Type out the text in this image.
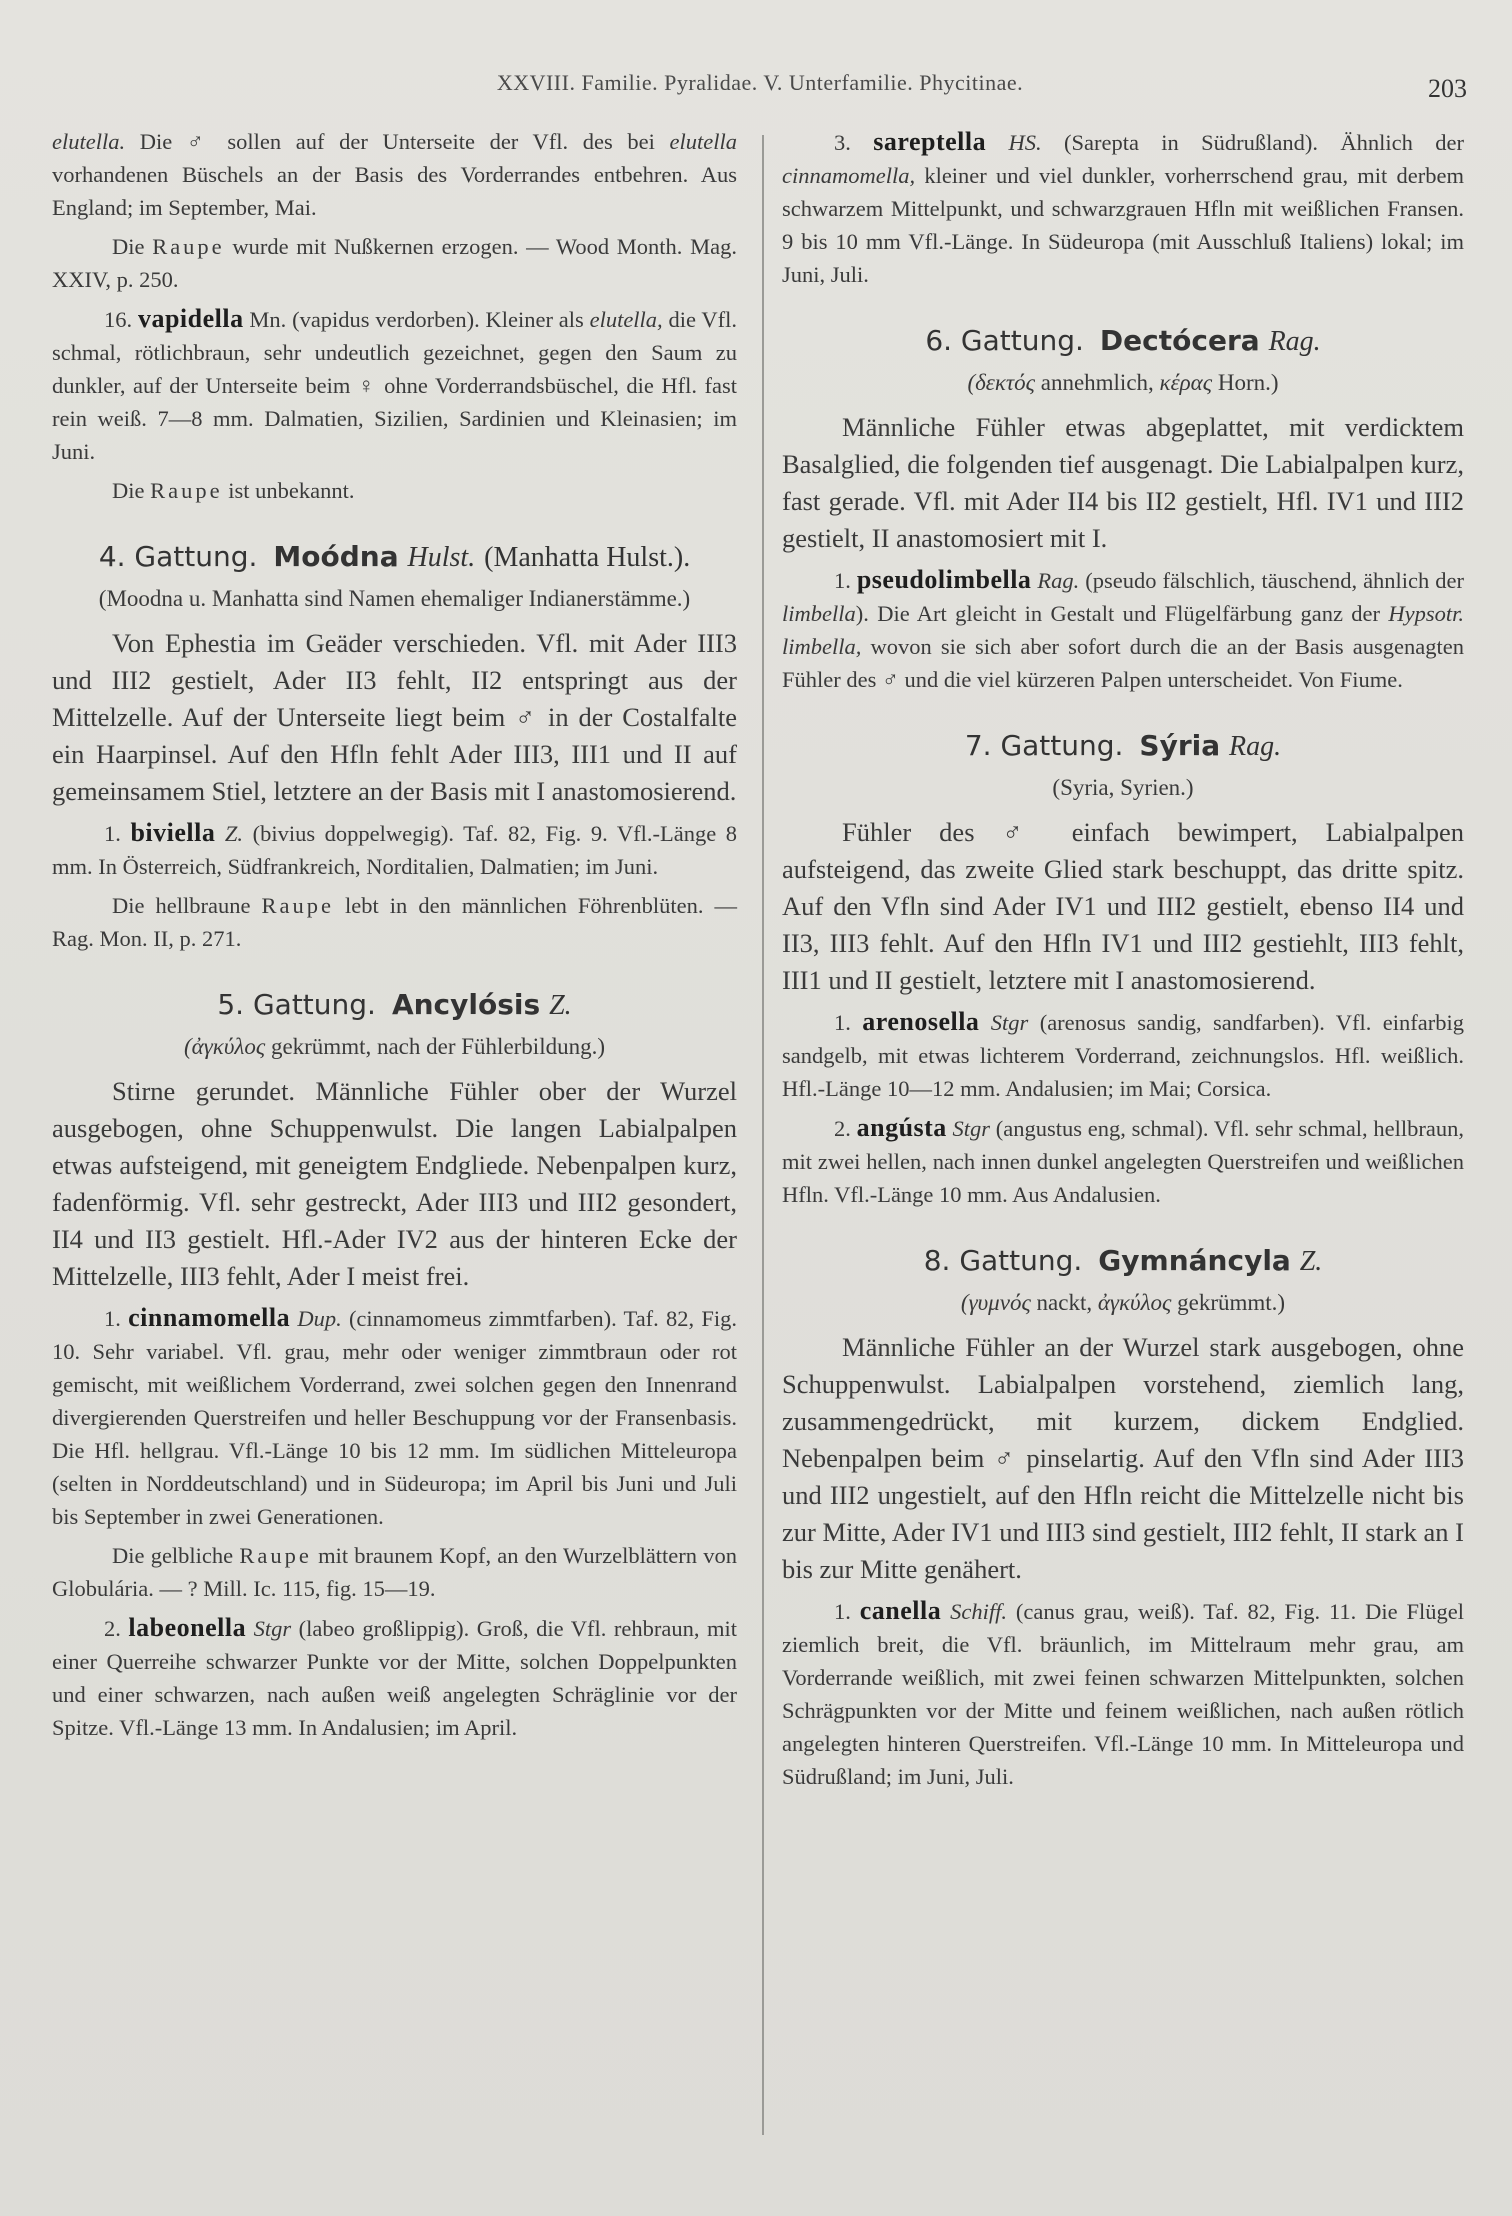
XXVIII. Familie. Pyralidae. V. Unterfamilie. Phycitinae.	203

elutella. Die ♂ sollen auf der Unterseite der Vfl. des bei elutella vorhandenen Büschels an der Basis des Vorderrandes entbehren. Aus England; im September, Mai.

Die Raupe wurde mit Nußkernen erzogen. — Wood Month. Mag. XXIV, p. 250.

16. vapidella Mn. (vapidus verdorben). Kleiner als elutella, die Vfl. schmal, rötlichbraun, sehr undeutlich gezeichnet, gegen den Saum zu dunkler, auf der Unterseite beim ♀ ohne Vorderrandsbüschel, die Hfl. fast rein weiß. 7—8 mm. Dalmatien, Sizilien, Sardinien und Kleinasien; im Juni.

Die Raupe ist unbekannt.

4. Gattung. Moódna Hulst. (Manhatta Hulst.).

(Moodna u. Manhatta sind Namen ehemaliger Indianerstämme.)

Von Ephestia im Geäder verschieden. Vfl. mit Ader III3 und III2 gestielt, Ader II3 fehlt, II2 entspringt aus der Mittelzelle. Auf der Unterseite liegt beim ♂ in der Costalfalte ein Haarpinsel. Auf den Hfln fehlt Ader III3, III1 und II auf gemeinsamem Stiel, letztere an der Basis mit I anastomosierend.

1. biviella Z. (bivius doppelwegig). Taf. 82, Fig. 9. Vfl.-Länge 8 mm. In Österreich, Südfrankreich, Norditalien, Dalmatien; im Juni.

Die hellbraune Raupe lebt in den männlichen Föhrenblüten. — Rag. Mon. II, p. 271.

5. Gattung. Ancylósis Z.

(ἀγκύλος gekrümmt, nach der Fühlerbildung.)

Stirne gerundet. Männliche Fühler ober der Wurzel ausgebogen, ohne Schuppenwulst. Die langen Labialpalpen etwas aufsteigend, mit geneigtem Endgliede. Nebenpalpen kurz, fadenförmig. Vfl. sehr gestreckt, Ader III3 und III2 gesondert, II4 und II3 gestielt. Hfl.-Ader IV2 aus der hinteren Ecke der Mittelzelle, III3 fehlt, Ader I meist frei.

1. cinnamomella Dup. (cinnamomeus zimmtfarben). Taf. 82, Fig. 10. Sehr variabel. Vfl. grau, mehr oder weniger zimmtbraun oder rot gemischt, mit weißlichem Vorderrand, zwei solchen gegen den Innenrand divergierenden Querstreifen und heller Beschuppung vor der Fransenbasis. Die Hfl. hellgrau. Vfl.-Länge 10 bis 12 mm. Im südlichen Mitteleuropa (selten in Norddeutschland) und in Südeuropa; im April bis Juni und Juli bis September in zwei Generationen.

Die gelbliche Raupe mit braunem Kopf, an den Wurzelblättern von Globulária. — ? Mill. Ic. 115, fig. 15—19.

2. labeonella Stgr (labeo großlippig). Groß, die Vfl. rehbraun, mit einer Querreihe schwarzer Punkte vor der Mitte, solchen Doppelpunkten und einer schwarzen, nach außen weiß angelegten Schräglinie vor der Spitze. Vfl.-Länge 13 mm. In Andalusien; im April.

3. sareptella HS. (Sarepta in Südrußland). Ähnlich der cinnamomella, kleiner und viel dunkler, vorherrschend grau, mit derbem schwarzem Mittelpunkt, und schwarzgrauen Hfln mit weißlichen Fransen. 9 bis 10 mm Vfl.-Länge. In Südeuropa (mit Ausschluß Italiens) lokal; im Juni, Juli.

6. Gattung. Dectócera Rag.

(δεκτός annehmlich, κέρας Horn.)

Männliche Fühler etwas abgeplattet, mit verdicktem Basalglied, die folgenden tief ausgenagt. Die Labialpalpen kurz, fast gerade. Vfl. mit Ader II4 bis II2 gestielt, Hfl. IV1 und III2 gestielt, II anastomosiert mit I.

1. pseudolimbella Rag. (pseudo fälschlich, täuschend, ähnlich der limbella). Die Art gleicht in Gestalt und Flügelfärbung ganz der Hypsotr. limbella, wovon sie sich aber sofort durch die an der Basis ausgenagten Fühler des ♂ und die viel kürzeren Palpen unterscheidet. Von Fiume.

7. Gattung. Sýria Rag.

(Syria, Syrien.)

Fühler des ♂ einfach bewimpert, Labialpalpen aufsteigend, das zweite Glied stark beschuppt, das dritte spitz. Auf den Vfln sind Ader IV1 und III2 gestielt, ebenso II4 und II3, III3 fehlt. Auf den Hfln IV1 und III2 gestiehlt, III3 fehlt, III1 und II gestielt, letztere mit I anastomosierend.

1. arenosella Stgr (arenosus sandig, sandfarben). Vfl. einfarbig sandgelb, mit etwas lichterem Vorderrand, zeichnungslos. Hfl. weißlich. Hfl.-Länge 10—12 mm. Andalusien; im Mai; Corsica.

2. angústa Stgr (angustus eng, schmal). Vfl. sehr schmal, hellbraun, mit zwei hellen, nach innen dunkel angelegten Querstreifen und weißlichen Hfln. Vfl.-Länge 10 mm. Aus Andalusien.

8. Gattung. Gymnáncyla Z.

(γυμνός nackt, ἀγκύλος gekrümmt.)

Männliche Fühler an der Wurzel stark ausgebogen, ohne Schuppenwulst. Labialpalpen vorstehend, ziemlich lang, zusammengedrückt, mit kurzem, dickem Endglied. Nebenpalpen beim ♂ pinselartig. Auf den Vfln sind Ader III3 und III2 ungestielt, auf den Hfln reicht die Mittelzelle nicht bis zur Mitte, Ader IV1 und III3 sind gestielt, III2 fehlt, II stark an I bis zur Mitte genähert.

1. canella Schiff. (canus grau, weiß). Taf. 82, Fig. 11. Die Flügel ziemlich breit, die Vfl. bräunlich, im Mittelraum mehr grau, am Vorderrande weißlich, mit zwei feinen schwarzen Mittelpunkten, solchen Schrägpunkten vor der Mitte und feinem weißlichen, nach außen rötlich angelegten hinteren Querstreifen. Vfl.-Länge 10 mm. In Mitteleuropa und Südrußland; im Juni, Juli.
